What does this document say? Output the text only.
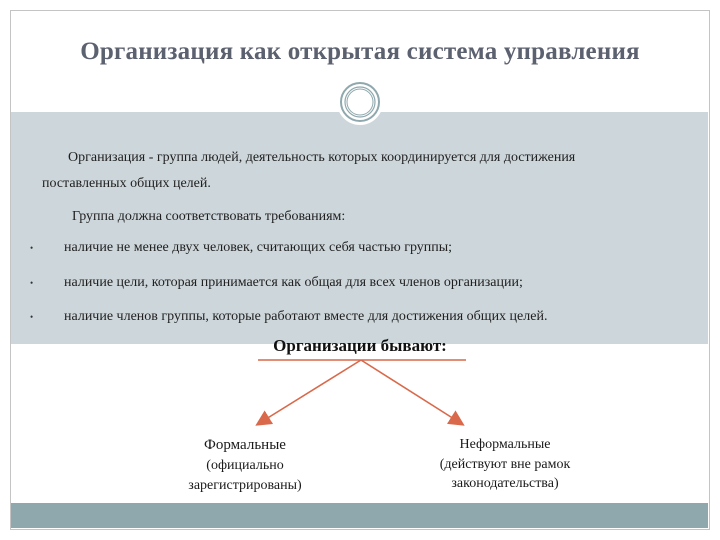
Организация как открытая система управления
Организация - группа людей, деятельность которых координируется для достижения
поставленных общих целей.
Группа должна соответствовать требованиям:
• наличие не менее двух человек, считающих себя частью группы;
• наличие цели, которая принимается как общая для всех членов организации;
• наличие членов группы, которые работают вместе для достижения общих целей.
Организации бывают:
Формальные
(официально
зарегистрированы)
Неформальные
(действуют вне рамок
законодательства)
